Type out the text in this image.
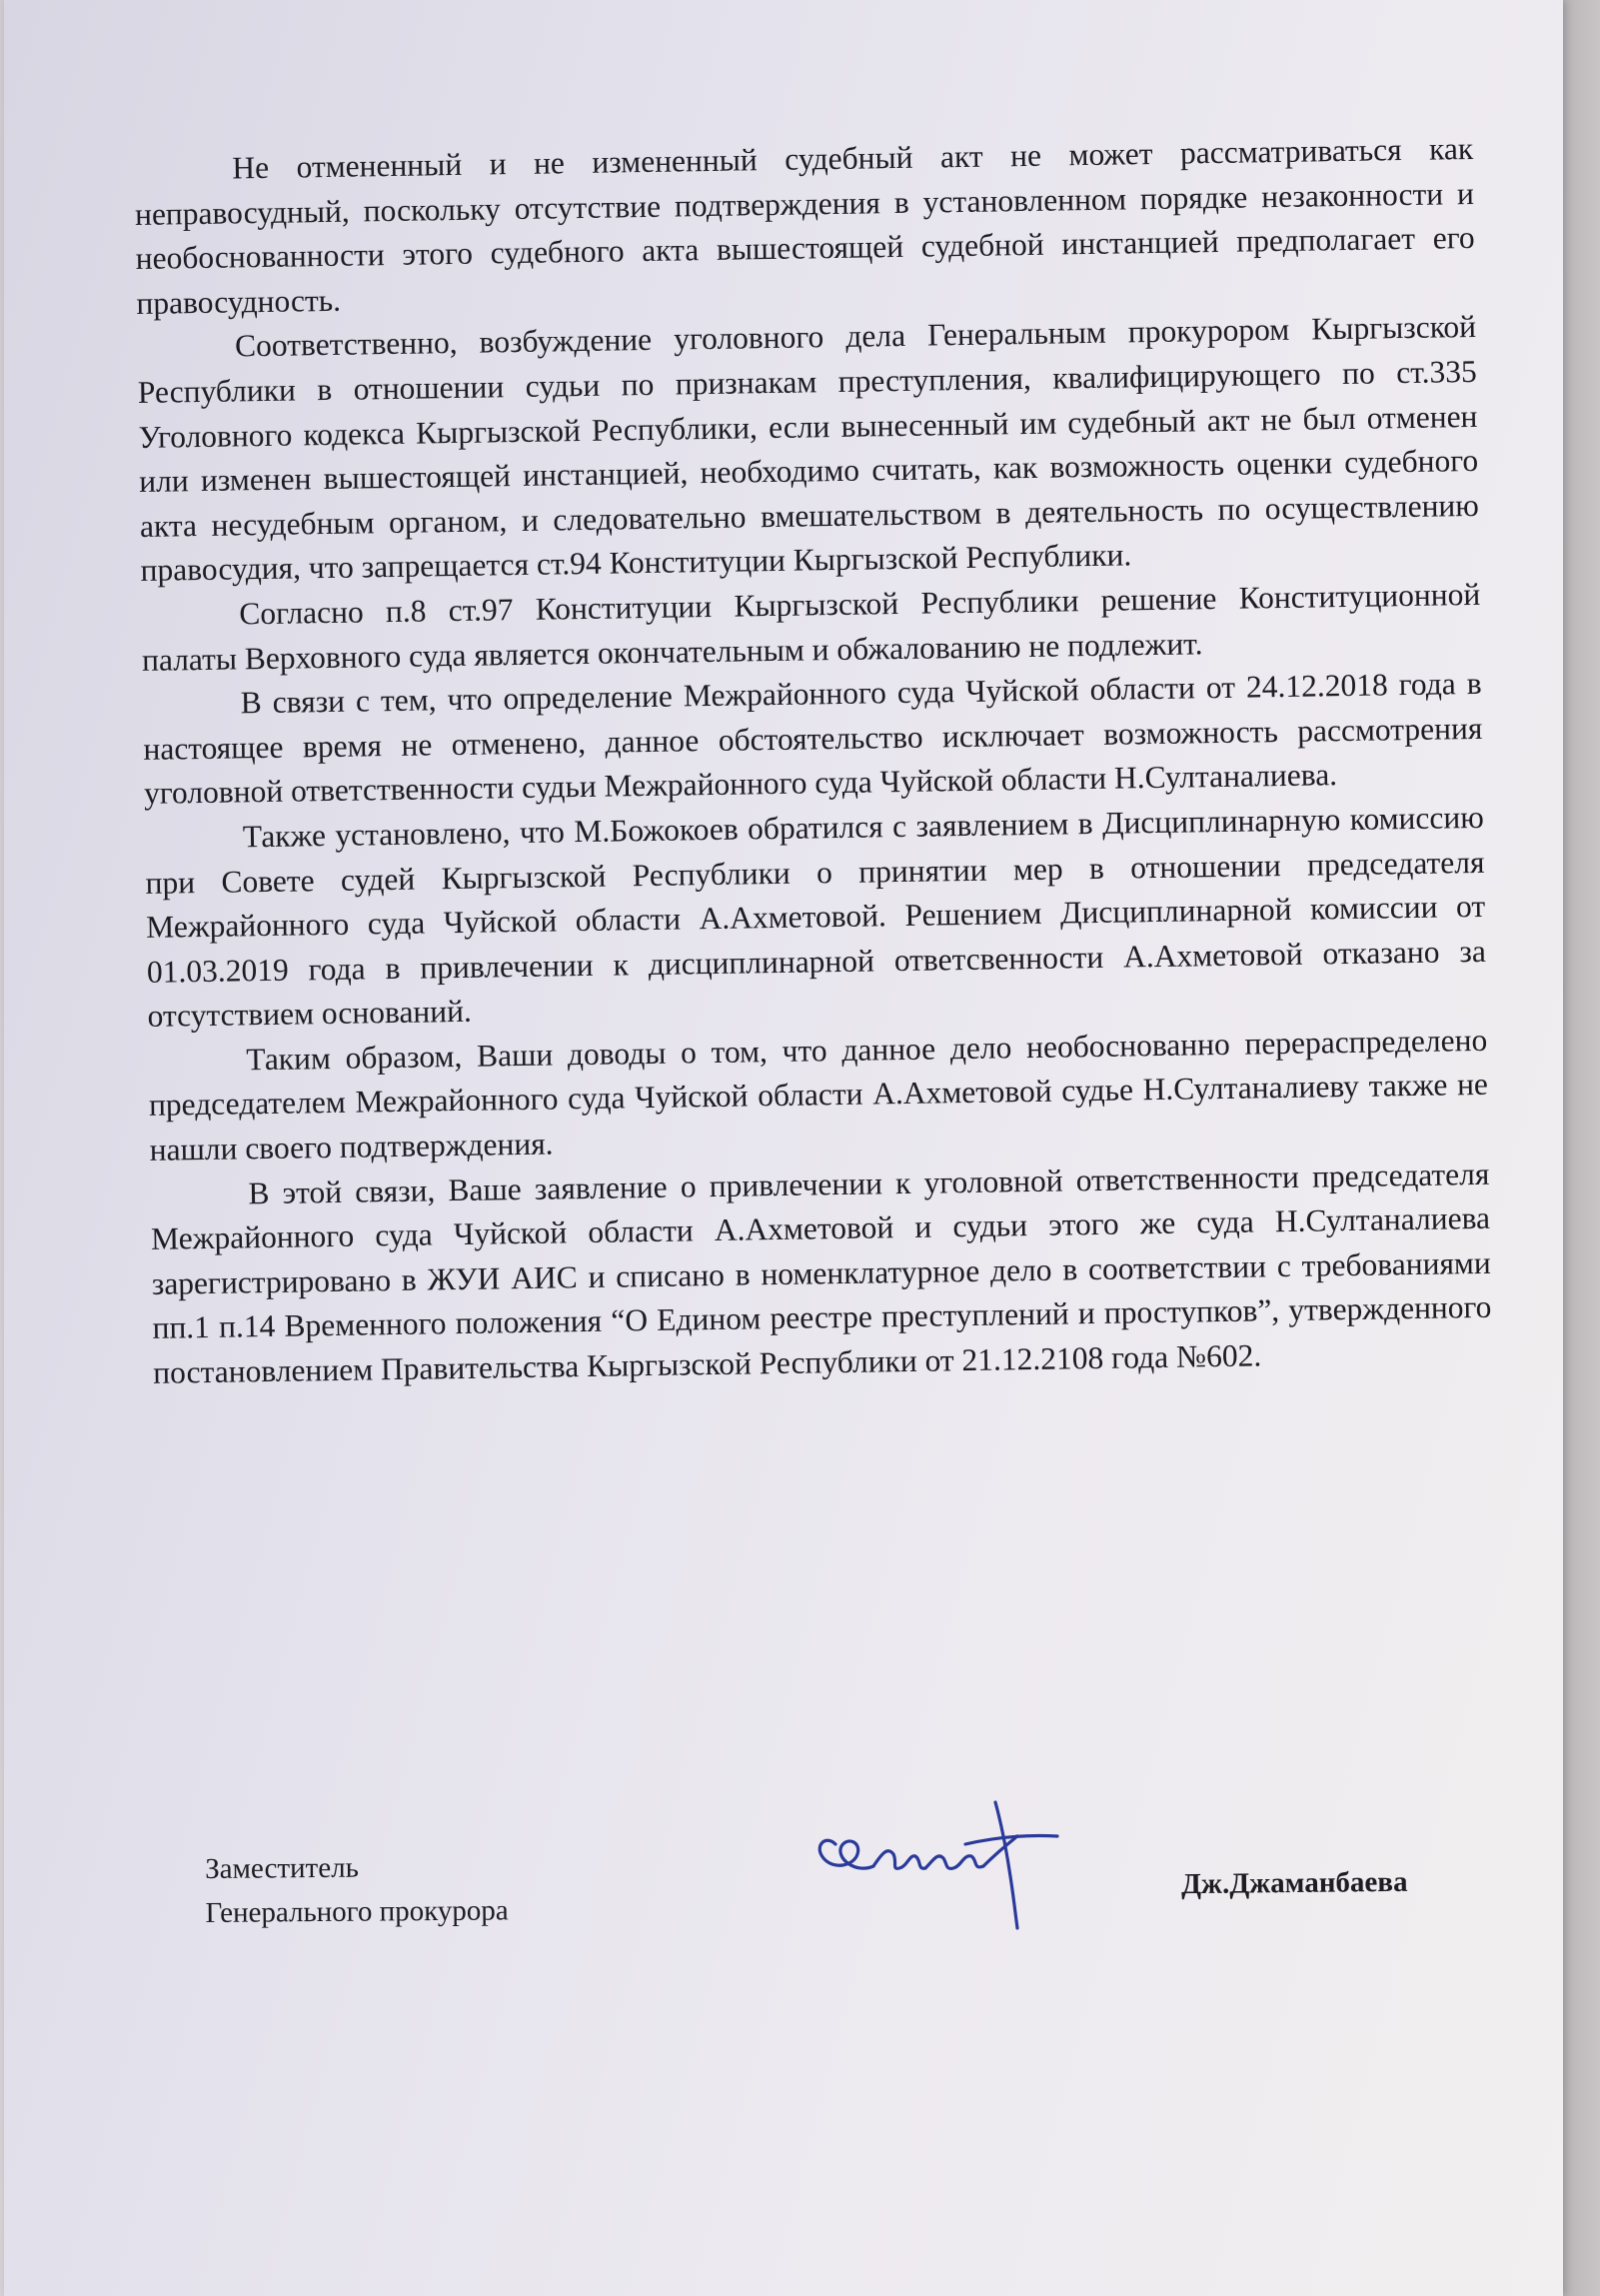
Не отмененный и не измененный судебный акт не может рассматриваться как неправосудный, поскольку отсутствие подтверждения в установленном порядке незаконности и необоснованности этого судебного акта вышестоящей судебной инстанцией предполагает его правосудность.

Соответственно, возбуждение уголовного дела Генеральным прокурором Кыргызской Республики в отношении судьи по признакам преступления, квалифицирующего по ст.335 Уголовного кодекса Кыргызской Республики, если вынесенный им судебный акт не был отменен или изменен вышестоящей инстанцией, необходимо считать, как возможность оценки судебного акта несудебным органом, и следовательно вмешательством в деятельность по осуществлению правосудия, что запрещается ст.94 Конституции Кыргызской Республики.

Согласно п.8 ст.97 Конституции Кыргызской Республики решение Конституционной палаты Верховного суда является окончательным и обжалованию не подлежит.

В связи с тем, что определение Межрайонного суда Чуйской области от 24.12.2018 года в настоящее время не отменено, данное обстоятельство исключает возможность рассмотрения уголовной ответственности судьи Межрайонного суда Чуйской области Н.Султаналиева.

Также установлено, что М.Божокоев обратился с заявлением в Дисциплинарную комиссию при Совете судей Кыргызской Республики о принятии мер в отношении председателя Межрайонного суда Чуйской области А.Ахметовой. Решением Дисциплинарной комиссии от 01.03.2019 года в привлечении к дисциплинарной ответсвенности А.Ахметовой отказано за отсутствием оснований.

Таким образом, Ваши доводы о том, что данное дело необоснованно перераспределено председателем Межрайонного суда Чуйской области А.Ахметовой судье Н.Султаналиеву также не нашли своего подтверждения.

В этой связи, Ваше заявление о привлечении к уголовной ответственности председателя Межрайонного суда Чуйской области А.Ахметовой и судьи этого же суда Н.Султаналиева зарегистрировано в ЖУИ АИС и списано в номенклатурное дело в соответствии с требованиями пп.1 п.14 Временного положения “О Едином реестре преступлений и проступков”, утвержденного постановлением Правительства Кыргызской Республики от 21.12.2108 года №602.

Заместитель
Генерального прокурора
Дж.Джаманбаева
